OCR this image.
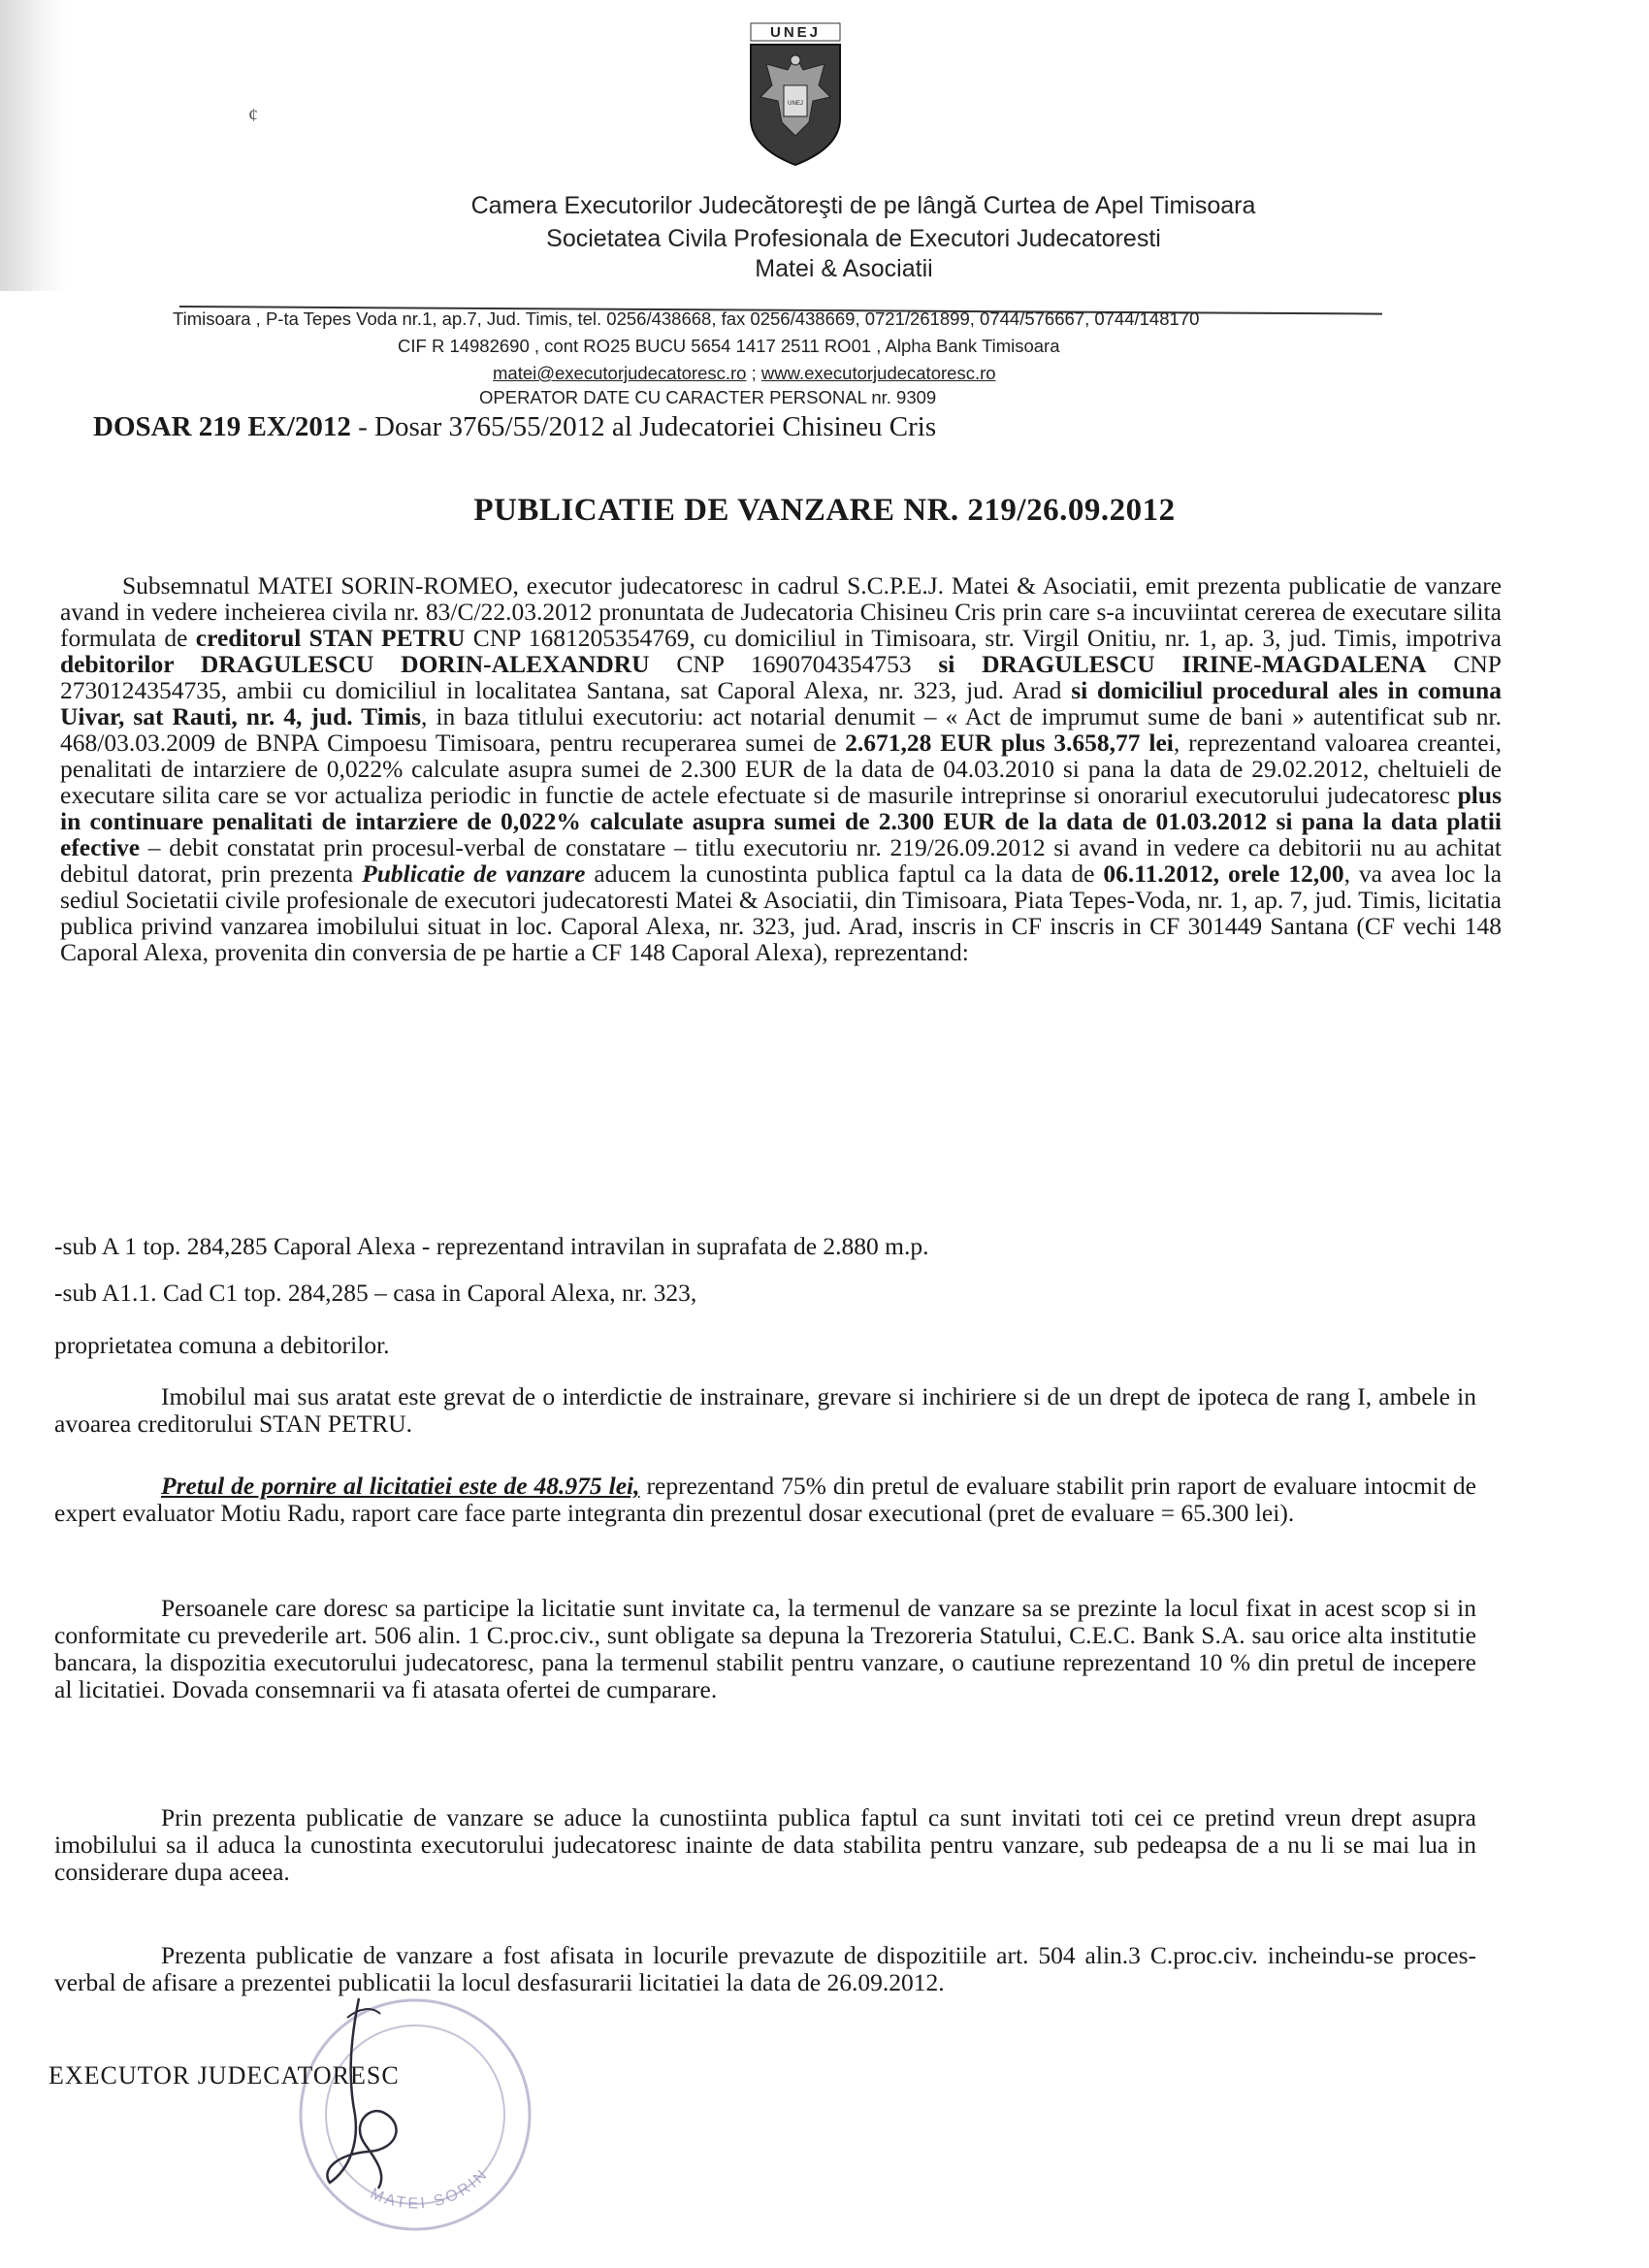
¢
UNEJ
UNEJ
Camera Executorilor Judecătoreşti de pe lângă Curtea de Apel Timisoara
Societatea Civila Profesionala de Executori Judecatoresti
Matei & Asociatii
Timisoara , P-ta Tepes Voda nr.1, ap.7, Jud. Timis, tel. 0256/438668, fax 0256/438669, 0721/261899, 0744/576667, 0744/148170
CIF R 14982690 , cont RO25 BUCU 5654 1417 2511 RO01 , Alpha Bank Timisoara
matei@executorjudecatoresc.ro ; www.executorjudecatoresc.ro
OPERATOR DATE CU CARACTER PERSONAL nr. 9309
DOSAR 219 EX/2012 - Dosar 3765/55/2012 al Judecatoriei Chisineu Cris
PUBLICATIE DE VANZARE NR. 219/26.09.2012
Subsemnatul MATEI SORIN-ROMEO, executor judecatoresc in cadrul S.C.P.E.J. Matei & Asociatii, emit prezenta publicatie de vanzare avand in vedere incheierea civila nr. 83/C/22.03.2012 pronuntata de Judecatoria Chisineu Cris prin care s-a incuviintat cererea de executare silita formulata de creditorul STAN PETRU CNP 1681205354769, cu domiciliul in Timisoara, str. Virgil Onitiu, nr. 1, ap. 3, jud. Timis, impotriva debitorilor DRAGULESCU DORIN-ALEXANDRU CNP 1690704354753 si DRAGULESCU IRINE-MAGDALENA CNP 2730124354735, ambii cu domiciliul in localitatea Santana, sat Caporal Alexa, nr. 323, jud. Arad si domiciliul procedural ales in comuna Uivar, sat Rauti, nr. 4, jud. Timis, in baza titlului executoriu: act notarial denumit – « Act de imprumut sume de bani » autentificat sub nr. 468/03.03.2009 de BNPA Cimpoesu Timisoara, pentru recuperarea sumei de 2.671,28 EUR plus 3.658,77 lei, reprezentand valoarea creantei, penalitati de intarziere de 0,022% calculate asupra sumei de 2.300 EUR de la data de 04.03.2010 si pana la data de 29.02.2012, cheltuieli de executare silita care se vor actualiza periodic in functie de actele efectuate si de masurile intreprinse si onorariul executorului judecatoresc plus in continuare penalitati de intarziere de 0,022% calculate asupra sumei de 2.300 EUR de la data de 01.03.2012 si pana la data platii efective – debit constatat prin procesul-verbal de constatare – titlu executoriu nr. 219/26.09.2012 si avand in vedere ca debitorii nu au achitat debitul datorat, prin prezenta Publicatie de vanzare aducem la cunostinta publica faptul ca la data de 06.11.2012, orele 12,00, va avea loc la sediul Societatii civile profesionale de executori judecatoresti Matei & Asociatii, din Timisoara, Piata Tepes-Voda, nr. 1, ap. 7, jud. Timis, licitatia publica privind vanzarea imobilului situat in loc. Caporal Alexa, nr. 323, jud. Arad, inscris in CF inscris in CF 301449 Santana (CF vechi 148 Caporal Alexa, provenita din conversia de pe hartie a CF 148 Caporal Alexa), reprezentand:
-sub A 1 top. 284,285 Caporal Alexa - reprezentand intravilan in suprafata de 2.880 m.p.
-sub A1.1. Cad C1 top. 284,285 – casa in Caporal Alexa, nr. 323,
proprietatea comuna a debitorilor.
Imobilul mai sus aratat este grevat de o interdictie de instrainare, grevare si inchiriere si de un drept de ipoteca de rang I, ambele in avoarea creditorului STAN PETRU.
Pretul de pornire al licitatiei este de 48.975 lei, reprezentand 75% din pretul de evaluare stabilit prin raport de evaluare intocmit de expert evaluator Motiu Radu, raport care face parte integranta din prezentul dosar executional (pret de evaluare = 65.300 lei).
Persoanele care doresc sa participe la licitatie sunt invitate ca, la termenul de vanzare sa se prezinte la locul fixat in acest scop si in conformitate cu prevederile art. 506 alin. 1 C.proc.civ., sunt obligate sa depuna la Trezoreria Statului, C.E.C. Bank S.A. sau orice alta institutie bancara, la dispozitia executorului judecatoresc, pana la termenul stabilit pentru vanzare, o cautiune reprezentand 10 % din pretul de incepere al licitatiei. Dovada consemnarii va fi atasata ofertei de cumparare.
Prin prezenta publicatie de vanzare se aduce la cunostiinta publica faptul ca sunt invitati toti cei ce pretind vreun drept asupra imobilului sa il aduca la cunostinta executorului judecatoresc inainte de data stabilita pentru vanzare, sub pedeapsa de a nu li se mai lua in considerare dupa aceea.
Prezenta publicatie de vanzare a fost afisata in locurile prevazute de dispozitiile art. 504 alin.3 C.proc.civ. incheindu-se proces-verbal de afisare a prezentei publicatii la locul desfasurarii licitatiei la data de 26.09.2012.
MATEI SORIN
EXECUTOR JUDECATORESC
